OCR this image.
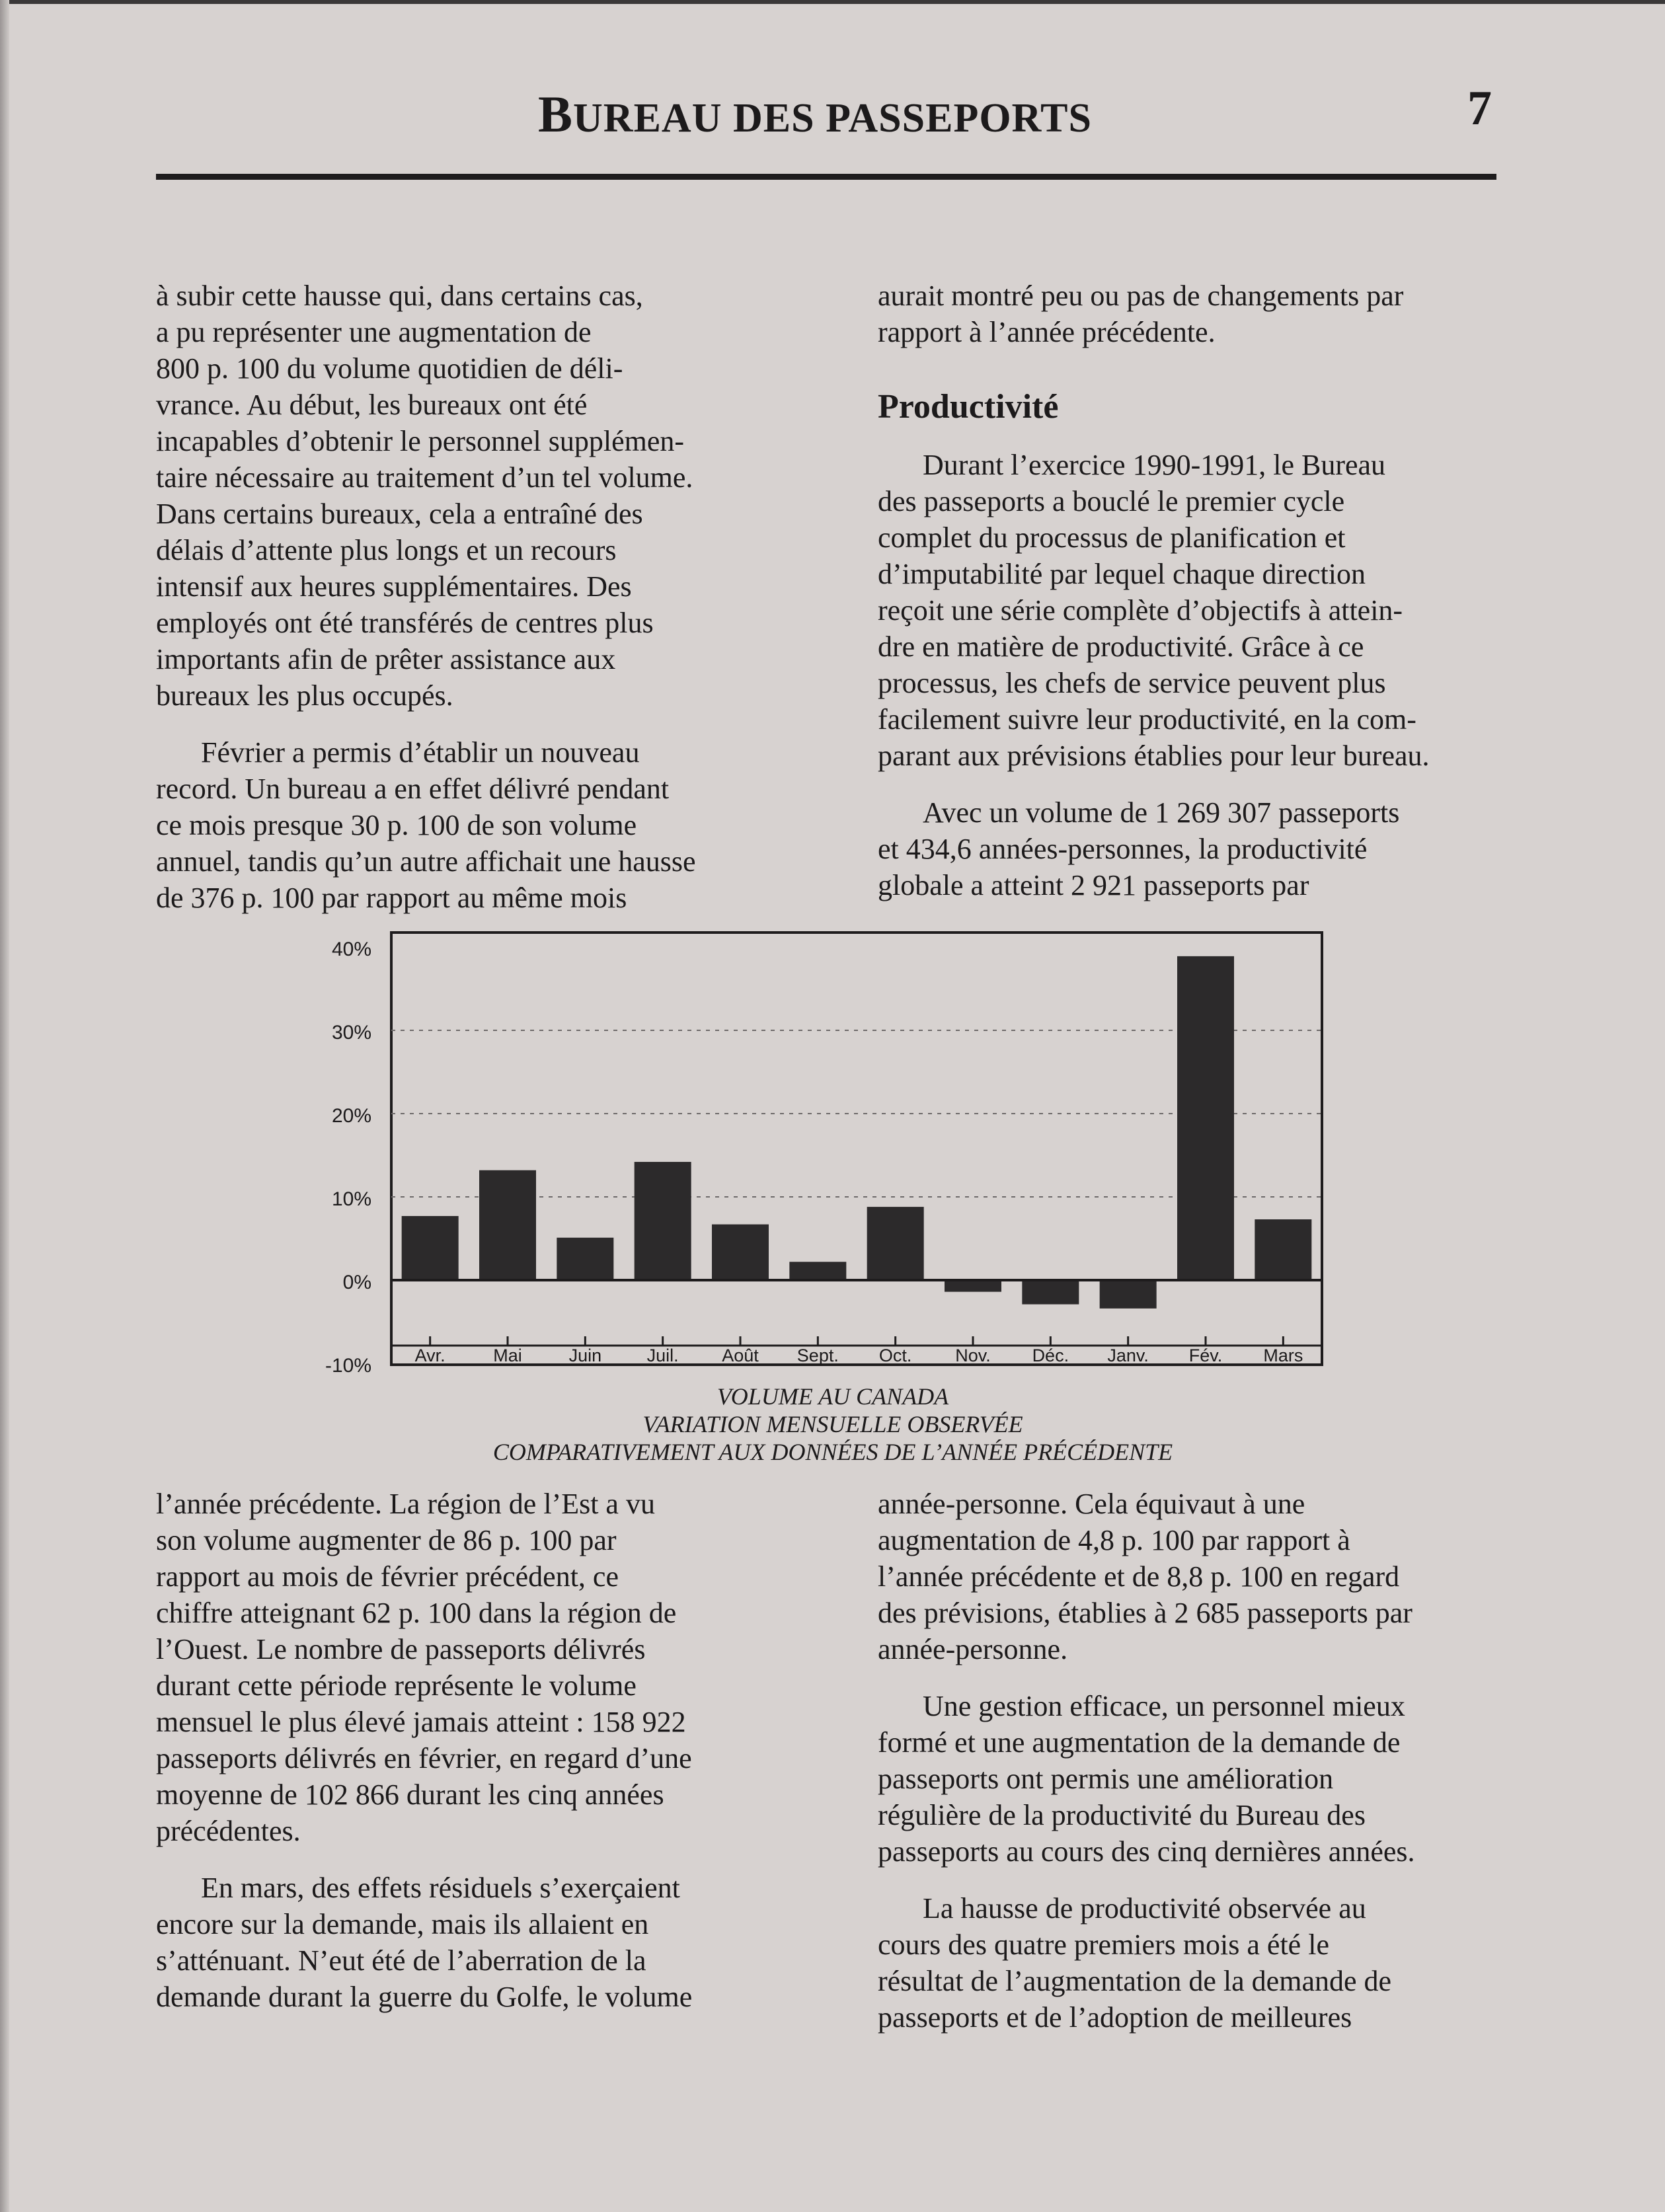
BUREAU DES PASSEPORTS	7

à subir cette hausse qui, dans certains cas,
a pu représenter une augmentation de
800 p. 100 du volume quotidien de déli-
vrance. Au début, les bureaux ont été
incapables d’obtenir le personnel supplémen-
taire nécessaire au traitement d’un tel volume.
Dans certains bureaux, cela a entraîné des
délais d’attente plus longs et un recours
intensif aux heures supplémentaires. Des
employés ont été transférés de centres plus
importants afin de prêter assistance aux
bureaux les plus occupés.

Février a permis d’établir un nouveau
record. Un bureau a en effet délivré pendant
ce mois presque 30 p. 100 de son volume
annuel, tandis qu’un autre affichait une hausse
de 376 p. 100 par rapport au même mois

aurait montré peu ou pas de changements par
rapport à l’année précédente.

Productivité

Durant l’exercice 1990-1991, le Bureau
des passeports a bouclé le premier cycle
complet du processus de planification et
d’imputabilité par lequel chaque direction
reçoit une série complète d’objectifs à attein-
dre en matière de productivité. Grâce à ce
processus, les chefs de service peuvent plus
facilement suivre leur productivité, en la com-
parant aux prévisions établies pour leur bureau.

Avec un volume de 1 269 307 passeports
et 434,6 années-personnes, la productivité
globale a atteint 2 921 passeports par

40%
30%
20%
10%
0%
-10% Avr.	Mai	Juin	Juil. Août Sept. Oct. Nov. Déc. Janv. Fév. Mars
VOLUME AU CANADA
VARIATION MENSUELLE OBSERVÉE
COMPARATIVEMENT AUX DONNÉES DE L’ANNÉE PRÉCÉDENTE

l’année précédente. La région de l’Est a vu
son volume augmenter de 86 p. 100 par
rapport au mois de février précédent, ce
chiffre atteignant 62 p. 100 dans la région de
l’Ouest. Le nombre de passeports délivrés
durant cette période représente le volume
mensuel le plus élevé jamais atteint : 158 922
passeports délivrés en février, en regard d’une
moyenne de 102 866 durant les cinq années
précédentes.

En mars, des effets résiduels s’exerçaient
encore sur la demande, mais ils allaient en
s’atténuant. N’eut été de l’aberration de la
demande durant la guerre du Golfe, le volume

année-personne. Cela équivaut à une
augmentation de 4,8 p. 100 par rapport à
l’année précédente et de 8,8 p. 100 en regard
des prévisions, établies à 2 685 passeports par
année-personne.

Une gestion efficace, un personnel mieux
formé et une augmentation de la demande de
passeports ont permis une amélioration
régulière de la productivité du Bureau des
passeports au cours des cinq dernières années.

La hausse de productivité observée au
cours des quatre premiers mois a été le
résultat de l’augmentation de la demande de
passeports et de l’adoption de meilleures
